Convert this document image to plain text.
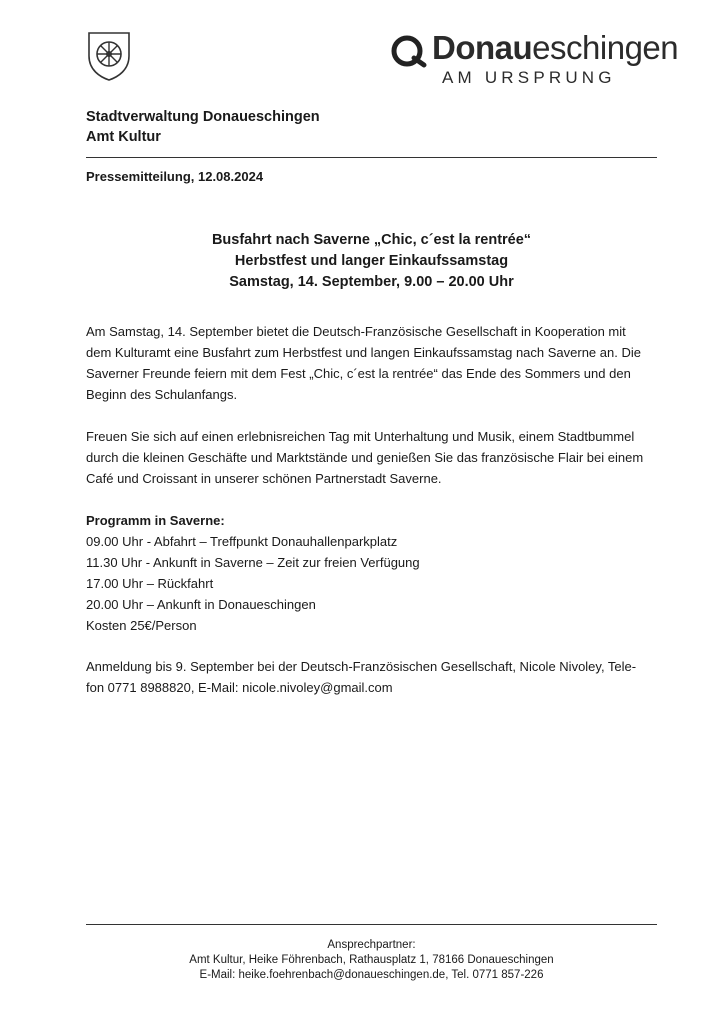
Donaueschingen
AM URSPRUNG
Stadtverwaltung Donaueschingen
Amt Kultur
Pressemitteilung, 12.08.2024
Busfahrt nach Saverne „Chic, c´est la rentrée“
Herbstfest und langer Einkaufssamstag
Samstag, 14. September, 9.00 – 20.00 Uhr
Am Samstag, 14. September bietet die Deutsch-Französische Gesellschaft in Kooperation mit
dem Kulturamt eine Busfahrt zum Herbstfest und langen Einkaufssamstag nach Saverne an. Die
Saverner Freunde feiern mit dem Fest „Chic, c´est la rentrée“ das Ende des Sommers und den
Beginn des Schulanfangs.
Freuen Sie sich auf einen erlebnisreichen Tag mit Unterhaltung und Musik, einem Stadtbummel
durch die kleinen Geschäfte und Marktstände und genießen Sie das französische Flair bei einem
Café und Croissant in unserer schönen Partnerstadt Saverne.
Programm in Saverne:
09.00 Uhr - Abfahrt – Treffpunkt Donauhallenparkplatz
11.30 Uhr - Ankunft in Saverne – Zeit zur freien Verfügung
17.00 Uhr – Rückfahrt
20.00 Uhr – Ankunft in Donaueschingen
Kosten 25€/Person
Anmeldung bis 9. September bei der Deutsch-Französischen Gesellschaft, Nicole Nivoley, Tele-
fon 0771 8988820, E-Mail: nicole.nivoley@gmail.com
Ansprechpartner:
Amt Kultur, Heike Föhrenbach, Rathausplatz 1, 78166 Donaueschingen
E-Mail: heike.foehrenbach@donaueschingen.de, Tel. 0771 857-226
